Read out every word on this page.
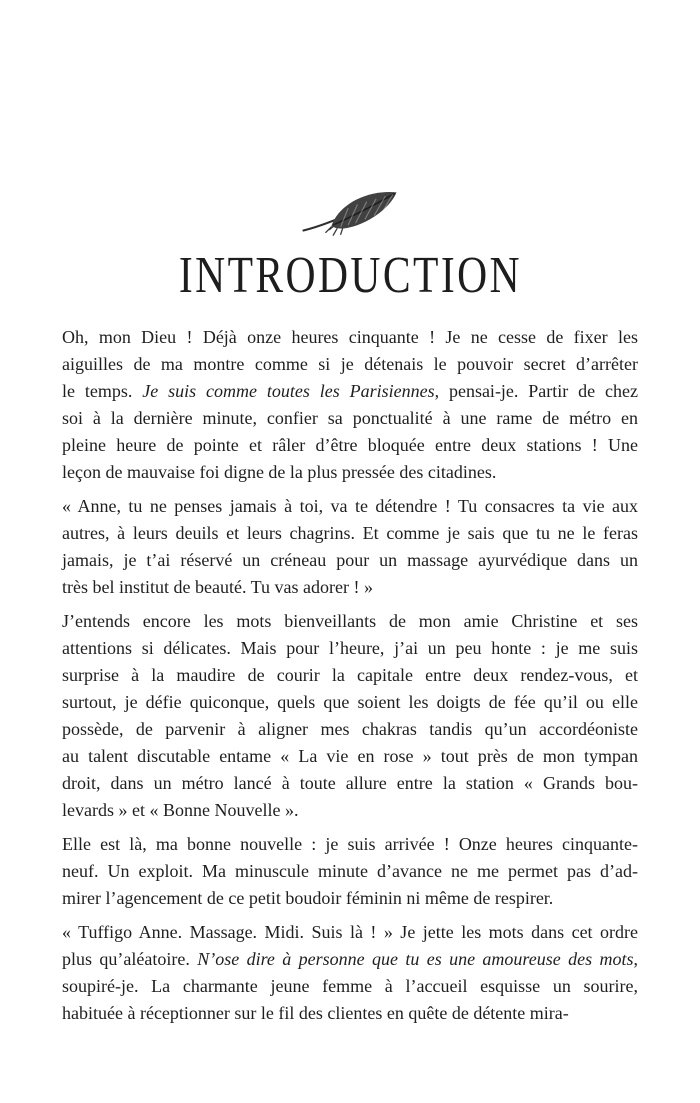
INTRODUCTION
Oh, mon Dieu ! Déjà onze heures cinquante ! Je ne cesse de fixer les
aiguilles de ma montre comme si je détenais le pouvoir secret d’arrêter
le temps. Je suis comme toutes les Parisiennes, pensai-je. Partir de chez
soi à la dernière minute, confier sa ponctualité à une rame de métro en
pleine heure de pointe et râler d’être bloquée entre deux stations ! Une
leçon de mauvaise foi digne de la plus pressée des citadines.
« Anne, tu ne penses jamais à toi, va te détendre ! Tu consacres ta vie aux
autres, à leurs deuils et leurs chagrins. Et comme je sais que tu ne le feras
jamais, je t’ai réservé un créneau pour un massage ayurvédique dans un
très bel institut de beauté. Tu vas adorer ! »
J’entends encore les mots bienveillants de mon amie Christine et ses
attentions si délicates. Mais pour l’heure, j’ai un peu honte : je me suis
surprise à la maudire de courir la capitale entre deux rendez-vous, et
surtout, je défie quiconque, quels que soient les doigts de fée qu’il ou elle
possède, de parvenir à aligner mes chakras tandis qu’un accordéoniste
au talent discutable entame « La vie en rose » tout près de mon tympan
droit, dans un métro lancé à toute allure entre la station « Grands bou-
levards » et « Bonne Nouvelle ».
Elle est là, ma bonne nouvelle : je suis arrivée ! Onze heures cinquante-
neuf. Un exploit. Ma minuscule minute d’avance ne me permet pas d’ad-
mirer l’agencement de ce petit boudoir féminin ni même de respirer.
« Tuffigo Anne. Massage. Midi. Suis là ! » Je jette les mots dans cet ordre
plus qu’aléatoire. N’ose dire à personne que tu es une amoureuse des mots,
soupiré-je. La charmante jeune femme à l’accueil esquisse un sourire,
habituée à réceptionner sur le fil des clientes en quête de détente mira-
